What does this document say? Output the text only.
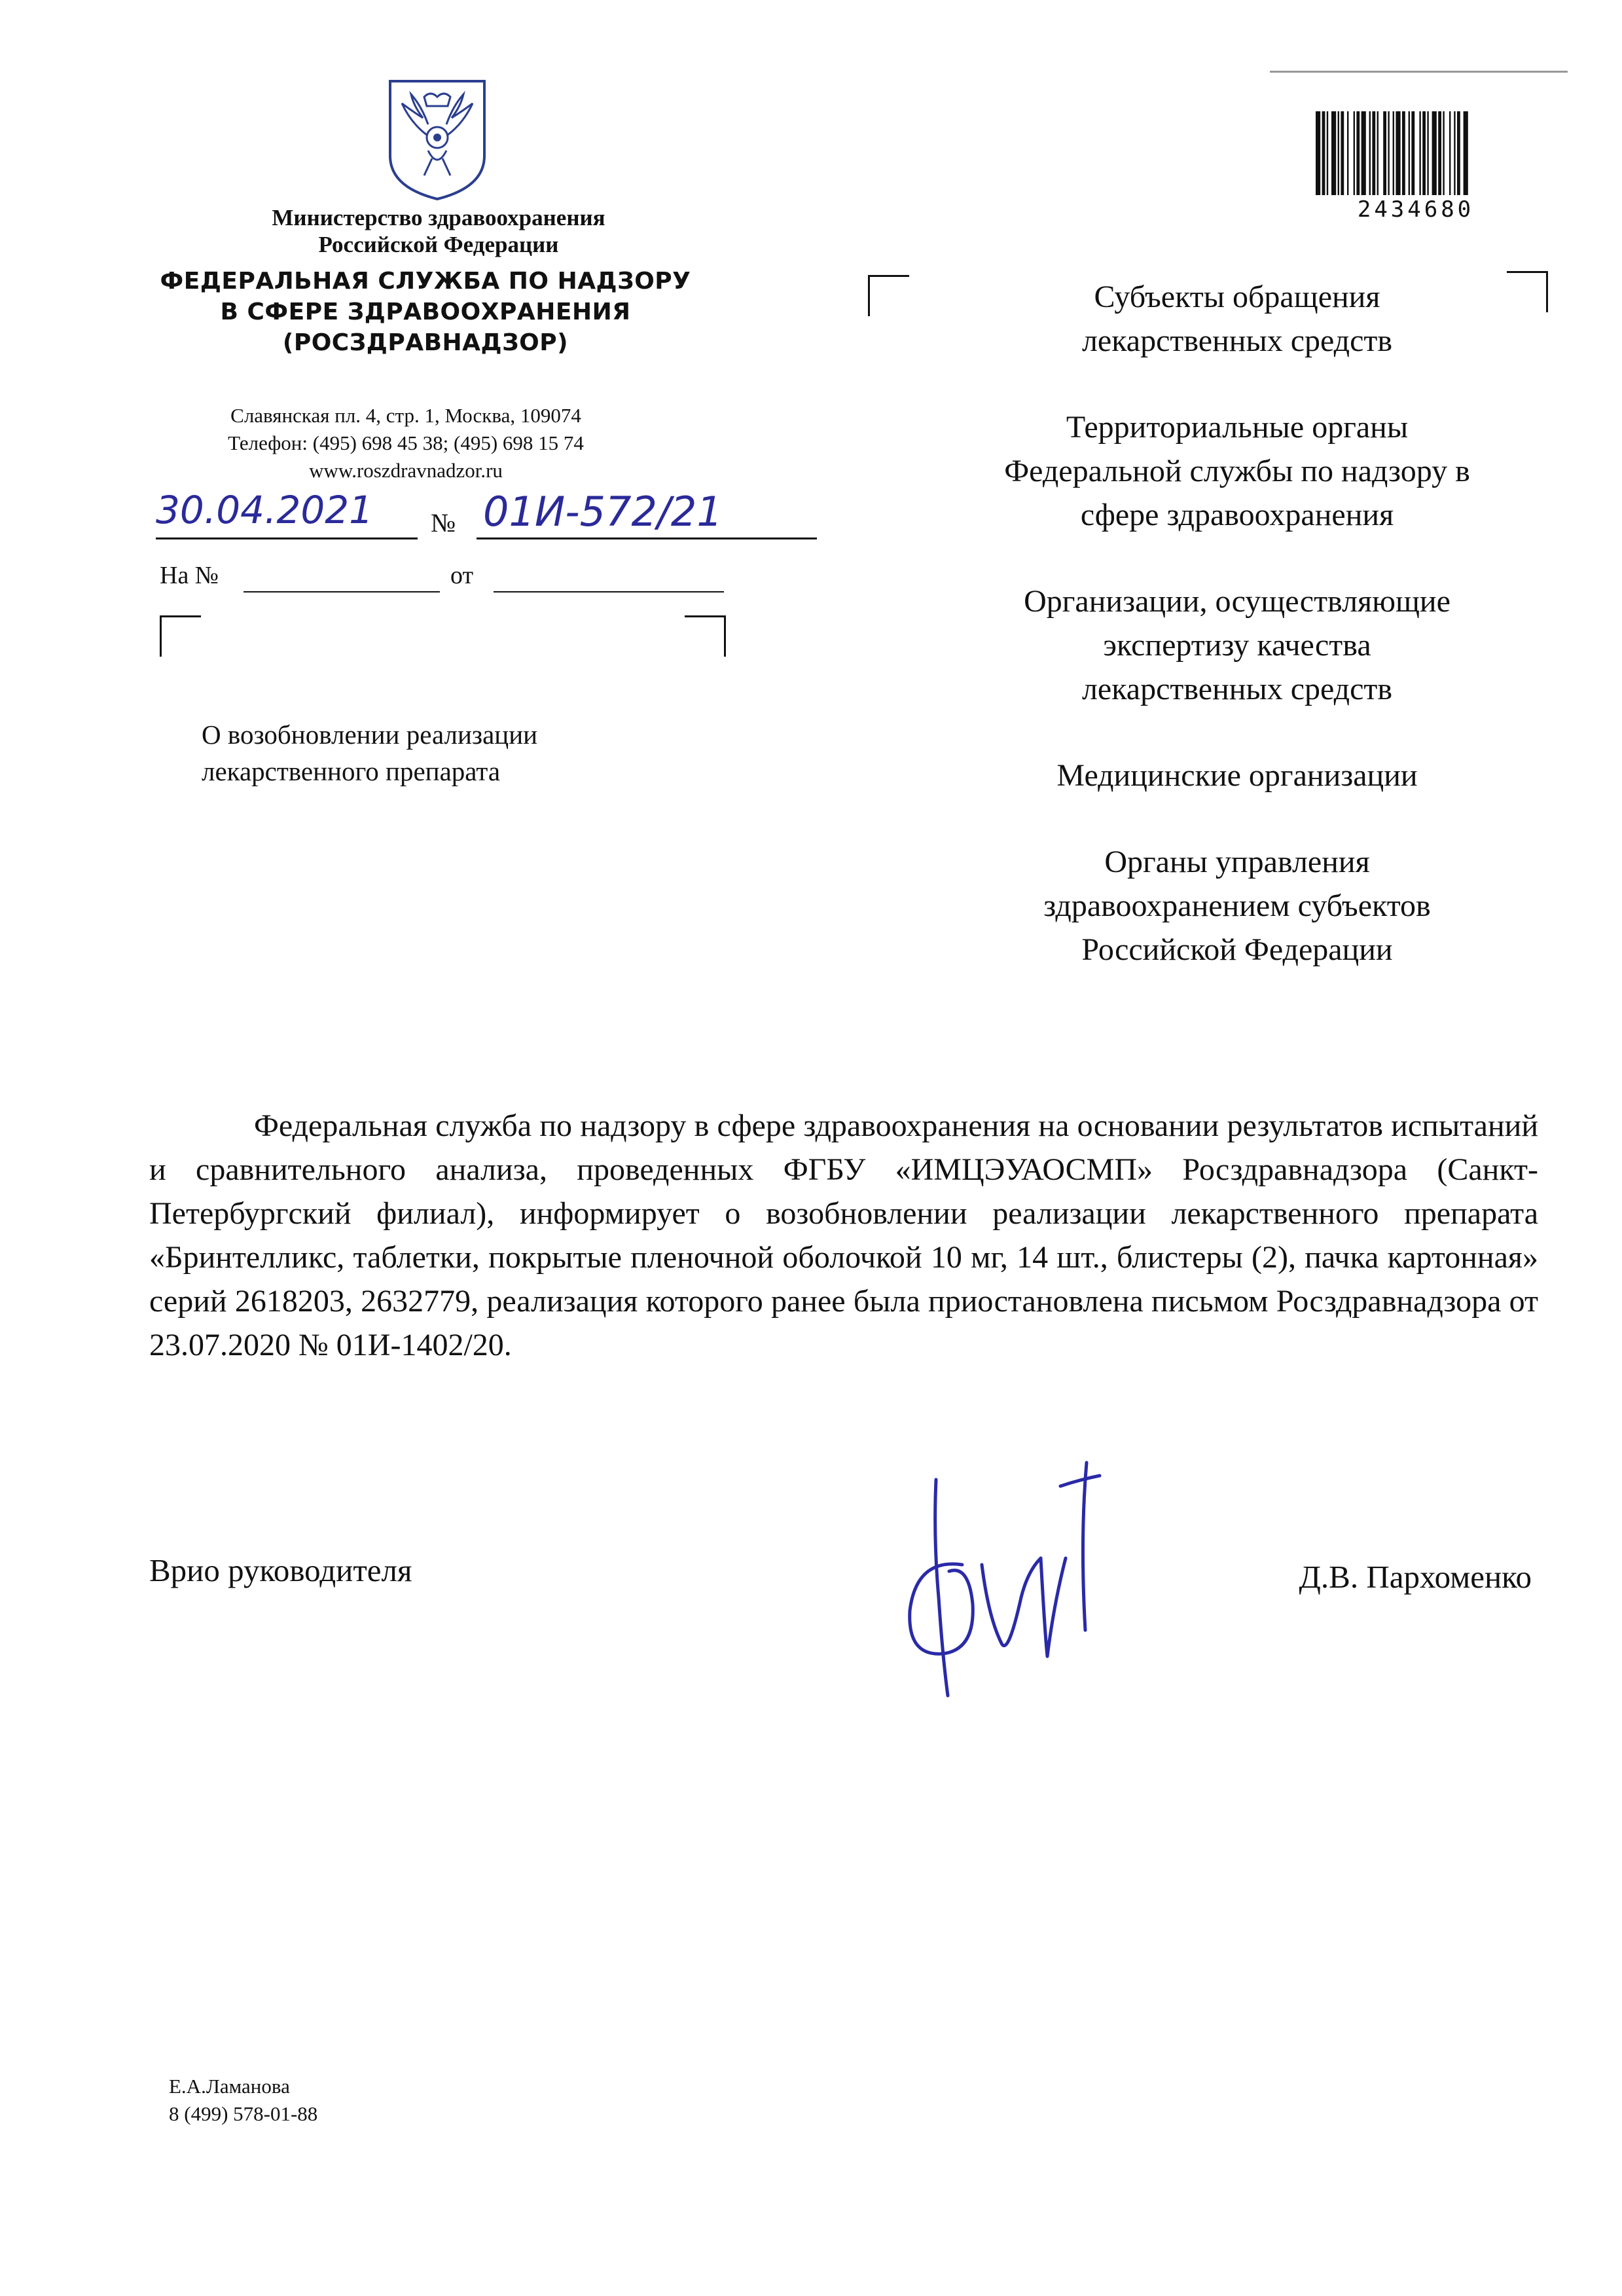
Министерство здравоохранения
Российской Федерации
ФЕДЕРАЛЬНАЯ СЛУЖБА ПО НАДЗОРУ
В СФЕРЕ ЗДРАВООХРАНЕНИЯ
(РОСЗДРАВНАДЗОР)
Славянская пл. 4, стр. 1, Москва, 109074
Телефон: (495) 698 45 38; (495) 698 15 74
www.roszdravnadzor.ru
30.04.2021 № 01И-572/21
На №	от
О возобновлении реализации
лекарственного препарата
2434680
Субъекты обращения
лекарственных средств
Территориальные органы
Федеральной службы по надзору в
сфере здравоохранения
Организации, осуществляющие
экспертизу качества
лекарственных средств
Медицинские организации
Органы управления
здравоохранением субъектов
Российской Федерации
Федеральная служба по надзору в сфере здравоохранения на основании результатов испытаний и сравнительного анализа, проведенных ФГБУ «ИМЦЭУАОСМП» Росздравнадзора (Санкт-Петербургский филиал), информирует о возобновлении реализации лекарственного препарата «Бринтелликс, таблетки, покрытые пленочной оболочкой 10 мг, 14 шт., блистеры (2), пачка картонная» серий 2618203, 2632779, реализация которого ранее была приостановлена письмом Росздравнадзора от 23.07.2020 № 01И-1402/20.
Врио руководителя	Д.В. Пархоменко
Е.А.Ламанова
8 (499) 578-01-88
